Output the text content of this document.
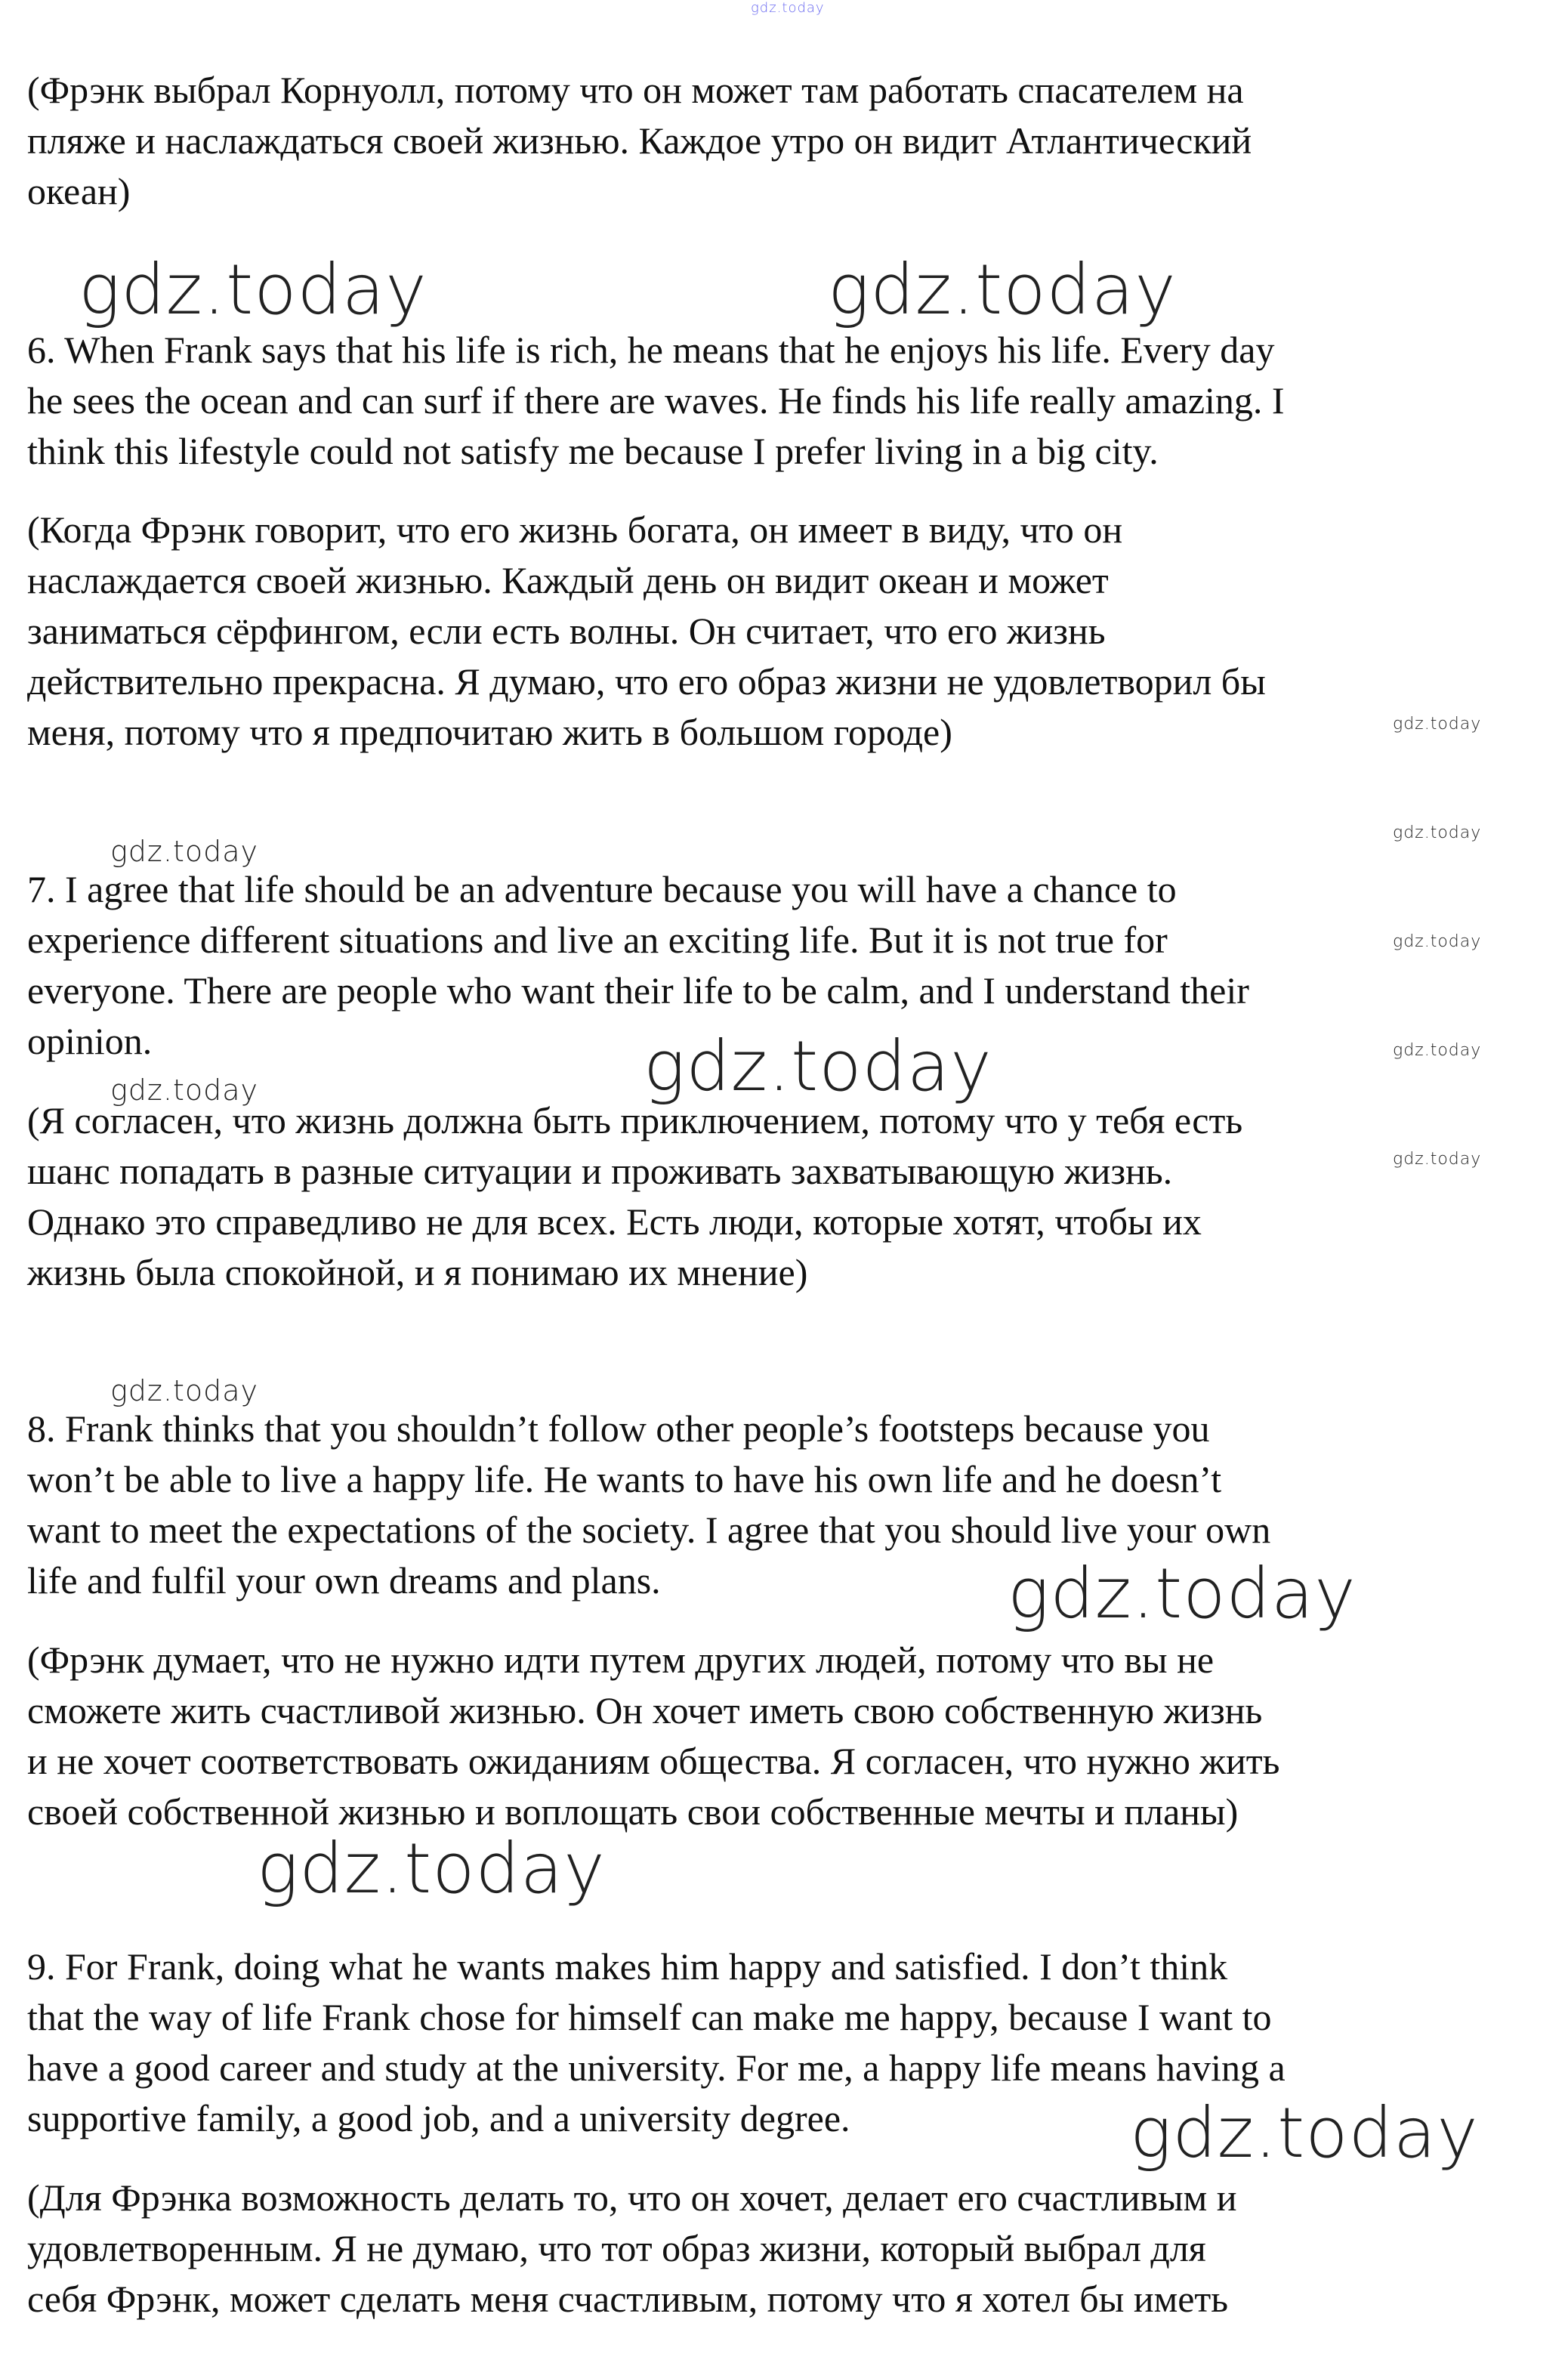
gdz.today

(Фрэнк выбрал Корнуолл, потому что он может там работать спасателем на
пляже и наслаждаться своей жизнью. Каждое утро он видит Атлантический
океан)

gdz.today	gdz.today

6. When Frank says that his life is rich, he means that he enjoys his life. Every day
he sees the ocean and can surf if there are waves. He finds his life really amazing. I
think this lifestyle could not satisfy me because I prefer living in a big city.

(Когда Фрэнк говорит, что его жизнь богата, он имеет в виду, что он
наслаждается своей жизнью. Каждый день он видит океан и может
заниматься сёрфингом, если есть волны. Он считает, что его жизнь
действительно прекрасна. Я думаю, что его образ жизни не удовлетворил бы
меня, потому что я предпочитаю жить в большом городе)	gdz.today
gdz.today
gdz.today
gdz.today
gdz.today
gdz.today

7. I agree that life should be an adventure because you will have a chance to
experience different situations and live an exciting life. But it is not true for
everyone. There are people who want their life to be calm, and I understand their
opinion.	gdz.today
gdz.today

(Я согласен, что жизнь должна быть приключением, потому что у тебя есть
шанс попадать в разные ситуации и проживать захватывающую жизнь.
Однако это справедливо не для всех. Есть люди, которые хотят, чтобы их
жизнь была спокойной, и я понимаю их мнение)

gdz.today

8. Frank thinks that you shouldn’t follow other people’s footsteps because you
won’t be able to live a happy life. He wants to have his own life and he doesn’t
want to meet the expectations of the society. I agree that you should live your own
life and fulfil your own dreams and plans.	gdz.today

(Фрэнк думает, что не нужно идти путем других людей, потому что вы не
сможете жить счастливой жизнью. Он хочет иметь свою собственную жизнь
и не хочет соответствовать ожиданиям общества. Я согласен, что нужно жить
своей собственной жизнью и воплощать свои собственные мечты и планы)

gdz.today

9. For Frank, doing what he wants makes him happy and satisfied. I don’t think
that the way of life Frank chose for himself can make me happy, because I want to
have a good career and study at the university. For me, a happy life means having a
supportive family, a good job, and a university degree.	gdz.today

(Для Фрэнка возможность делать то, что он хочет, делает его счастливым и
удовлетворенным. Я не думаю, что тот образ жизни, который выбрал для
себя Фрэнк, может сделать меня счастливым, потому что я хотел бы иметь
